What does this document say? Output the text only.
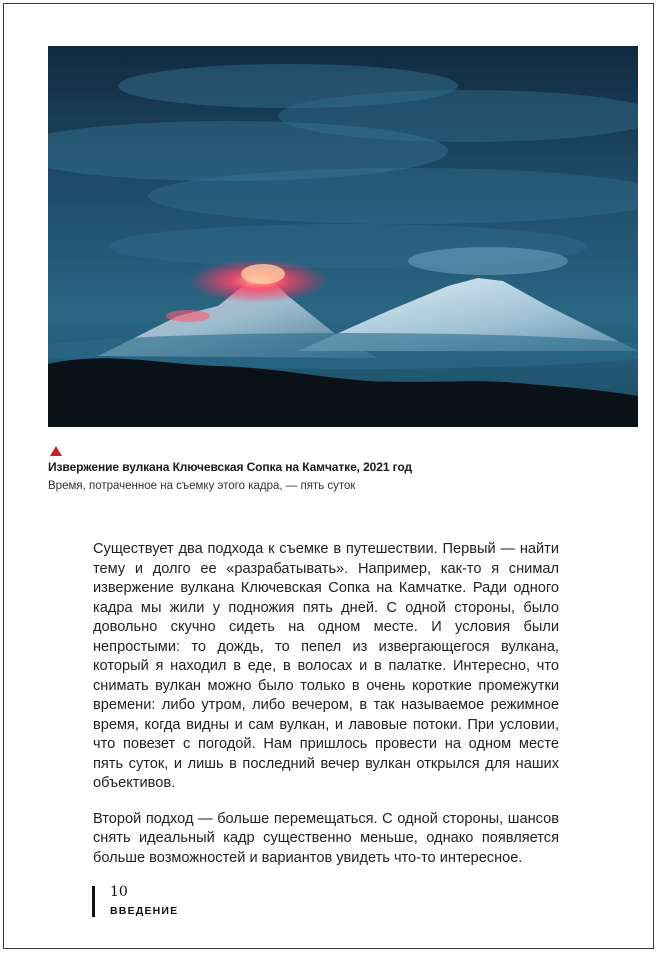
Извержение вулкана Ключевская Сопка на Камчатке, 2021 год
Время, потраченное на съемку этого кадра, — пять суток

Существует два подхода к съемке в путешествии. Первый — найти тему и долго ее «разрабатывать». Например, как-то я снимал извержение вулкана Ключевская Сопка на Камчатке. Ради одного кадра мы жили у подножия пять дней. С одной стороны, было довольно скучно сидеть на одном месте. И условия были непростыми: то дождь, то пепел из извергающегося вулкана, который я находил в еде, в волосах и в палатке. Интересно, что снимать вулкан можно было только в очень короткие промежутки времени: либо утром, либо вечером, в так называемое режимное время, когда видны и сам вулкан, и лавовые потоки. При условии, что повезет с погодой. Нам пришлось провести на одном месте пять суток, и лишь в последний вечер вулкан открылся для наших объективов.

Второй подход — больше перемещаться. С одной стороны, шансов снять идеальный кадр существенно меньше, однако появляется больше возможностей и вариантов увидеть что-то интересное.

10
ВВЕДЕНИЕ
